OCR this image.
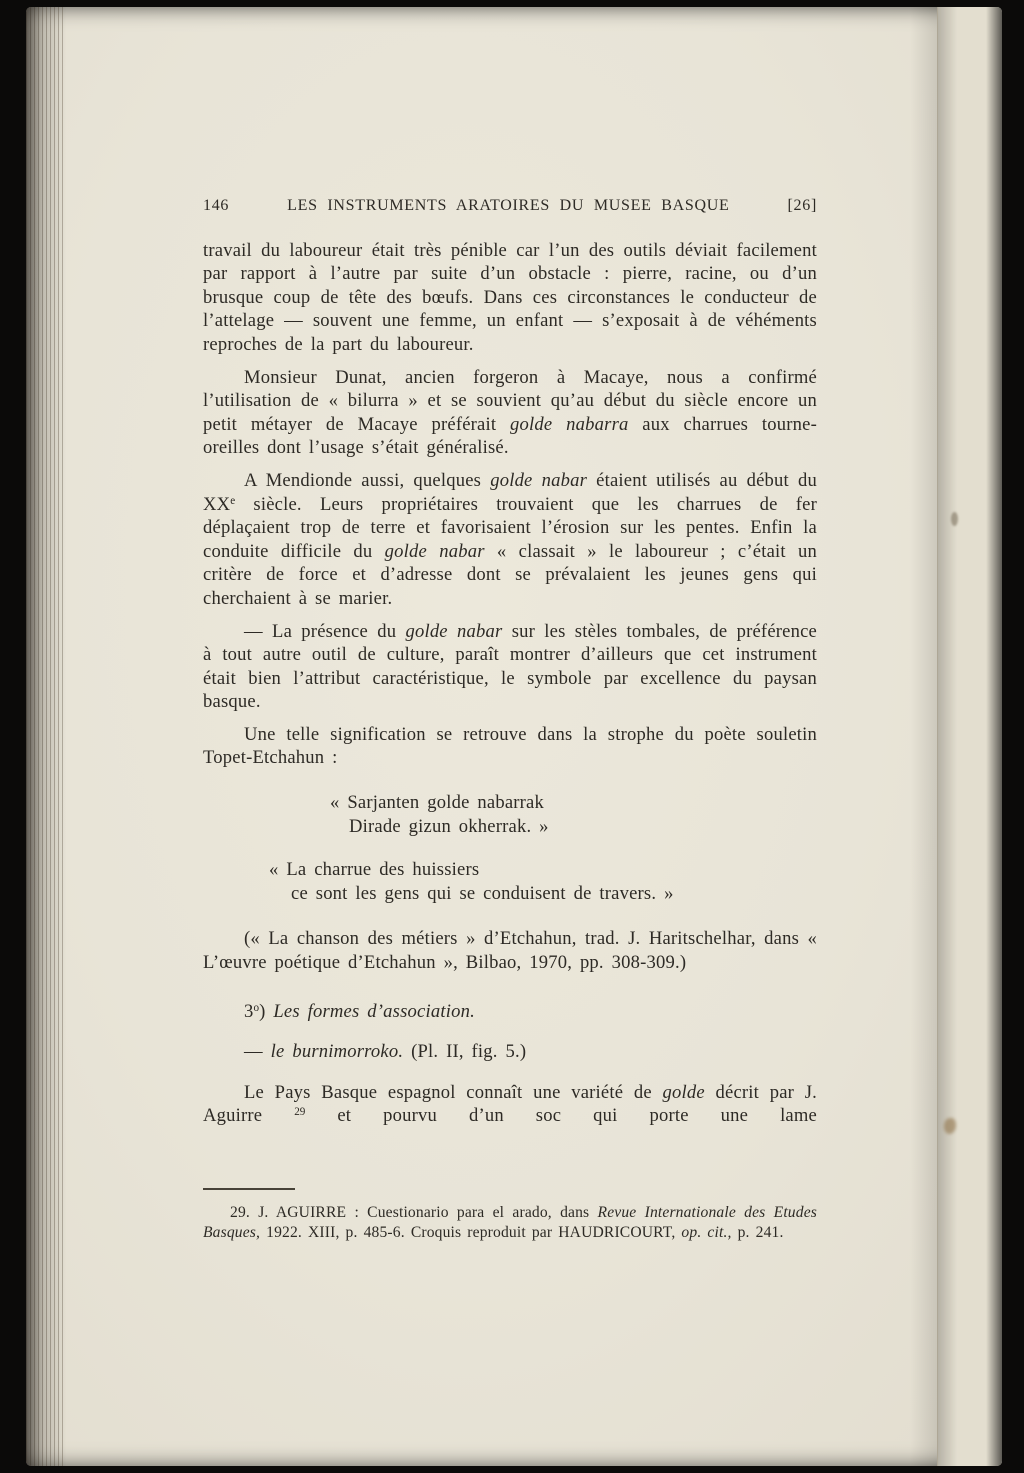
146	LES INSTRUMENTS ARATOIRES DU MUSEE BASQUE	[26]

travail du laboureur était très pénible car l’un des outils déviait facilement par rapport à l’autre par suite d’un obstacle : pierre, racine, ou d’un brusque coup de tête des bœufs. Dans ces circonstances le conducteur de l’attelage — souvent une femme, un enfant — s’exposait à de véhéments reproches de la part du laboureur.

Monsieur Dunat, ancien forgeron à Macaye, nous a confirmé l’utilisation de « bilurra » et se souvient qu’au début du siècle encore un petit métayer de Macaye préférait golde nabarra aux charrues tourne-oreilles dont l’usage s’était généralisé.

A Mendionde aussi, quelques golde nabar étaient utilisés au début du XXe siècle. Leurs propriétaires trouvaient que les charrues de fer déplaçaient trop de terre et favorisaient l’érosion sur les pentes. Enfin la conduite difficile du golde nabar « classait » le laboureur ; c’était un critère de force et d’adresse dont se prévalaient les jeunes gens qui cherchaient à se marier.

— La présence du golde nabar sur les stèles tombales, de préférence à tout autre outil de culture, paraît montrer d’ailleurs que cet instrument était bien l’attribut caractéristique, le symbole par excellence du paysan basque.

Une telle signification se retrouve dans la strophe du poète souletin Topet-Etchahun :

« Sarjanten golde nabarrak
Dirade gizun okherrak. »
« La charrue des huissiers
ce sont les gens qui se conduisent de travers. »

(« La chanson des métiers » d’Etchahun, trad. J. Haritschelhar, dans « L’œuvre poétique d’Etchahun », Bilbao, 1970, pp. 308-309.)

3$^o$) Les formes d’association.

— le burnimorroko. (Pl. II, fig. 5.)

Le Pays Basque espagnol connaît une variété de golde décrit par J. Aguirre $^{29}$ et pourvu d’un soc qui porte une lame

29. J. AGUIRRE : Cuestionario para el arado, dans Revue Internationale des Etudes Basques, 1922. XIII, p. 485-6. Croquis reproduit par HAUDRICOURT, op. cit., p. 241.
